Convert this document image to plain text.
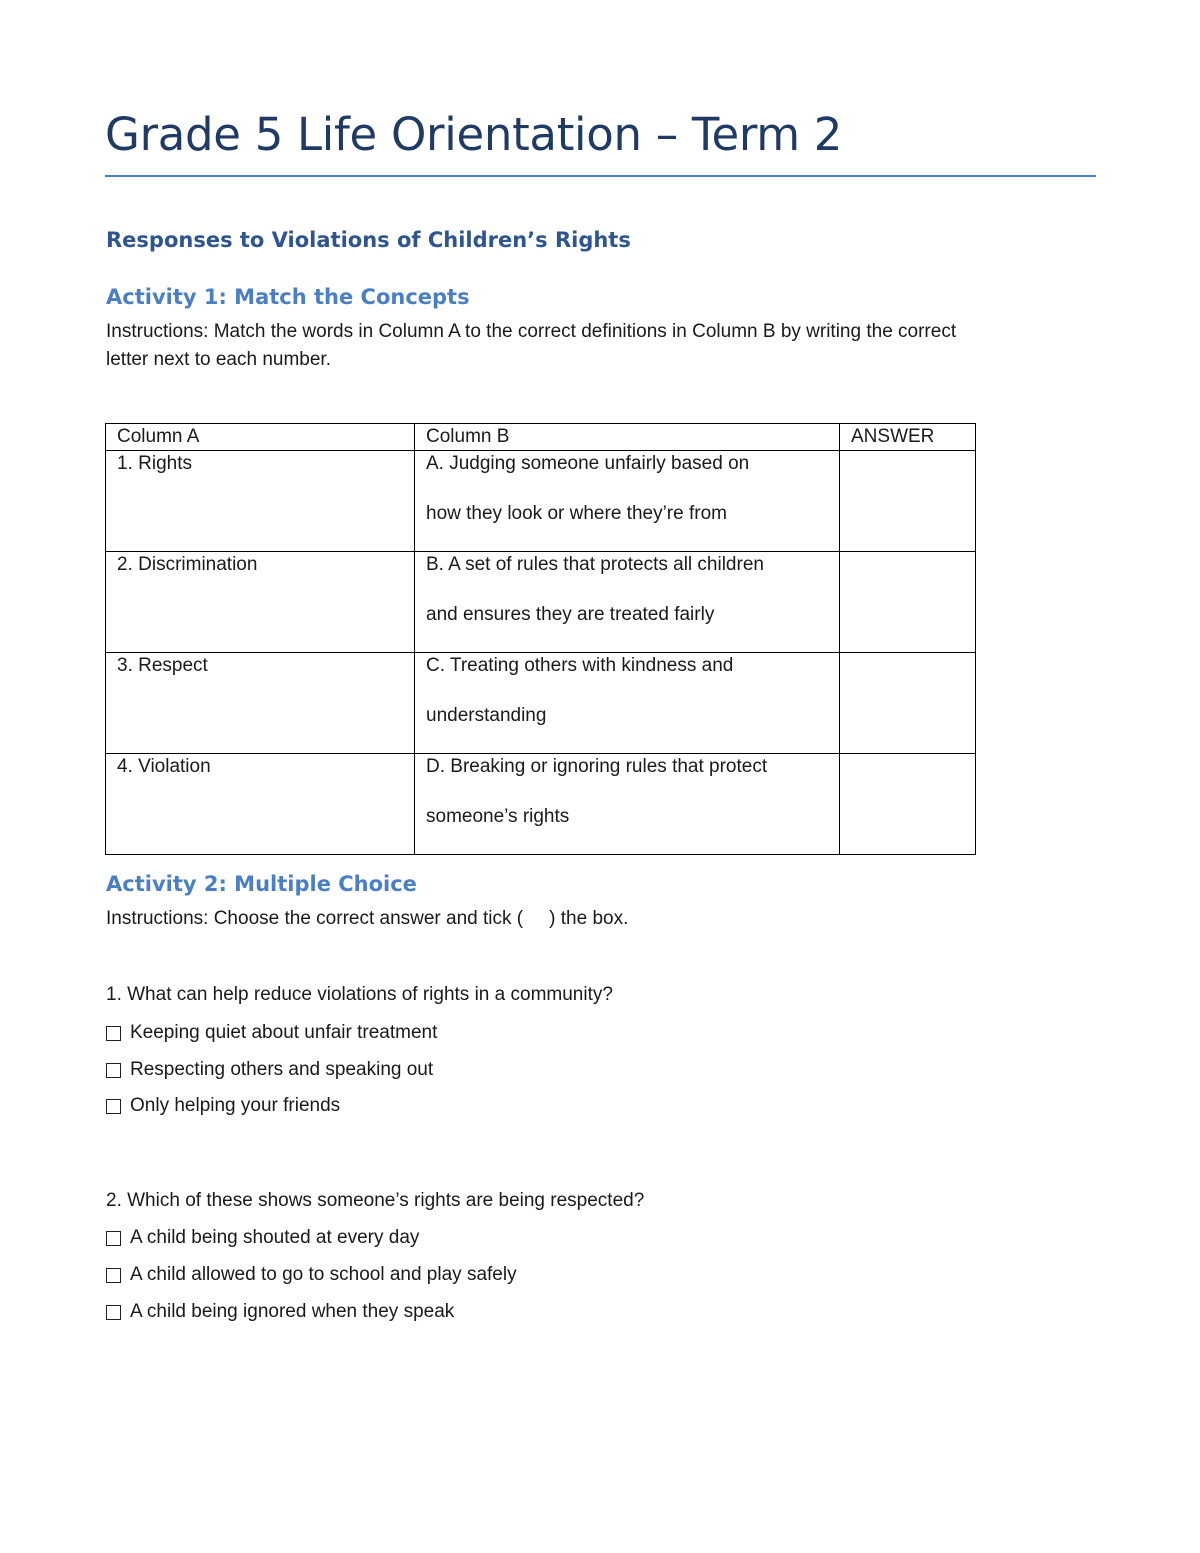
Grade 5 Life Orientation – Term 2
Responses to Violations of Children’s Rights
Activity 1: Match the Concepts
Instructions: Match the words in Column A to the correct definitions in Column B by writing the correct
letter next to each number.
Column A	Column B	ANSWER

1. Rights	A. Judging someone unfairly based on
how they look or where they’re from	

2. Discrimination	B. A set of rules that protects all children
and ensures they are treated fairly	

3. Respect	C. Treating others with kindness and
understanding	

4. Violation	D. Breaking or ignoring rules that protect
someone’s rights	

Activity 2: Multiple Choice
Instructions: Choose the correct answer and tick ( ) the box.
1. What can help reduce violations of rights in a community?
Keeping quiet about unfair treatment
Respecting others and speaking out
Only helping your friends
2. Which of these shows someone’s rights are being respected?
A child being shouted at every day
A child allowed to go to school and play safely
A child being ignored when they speak
